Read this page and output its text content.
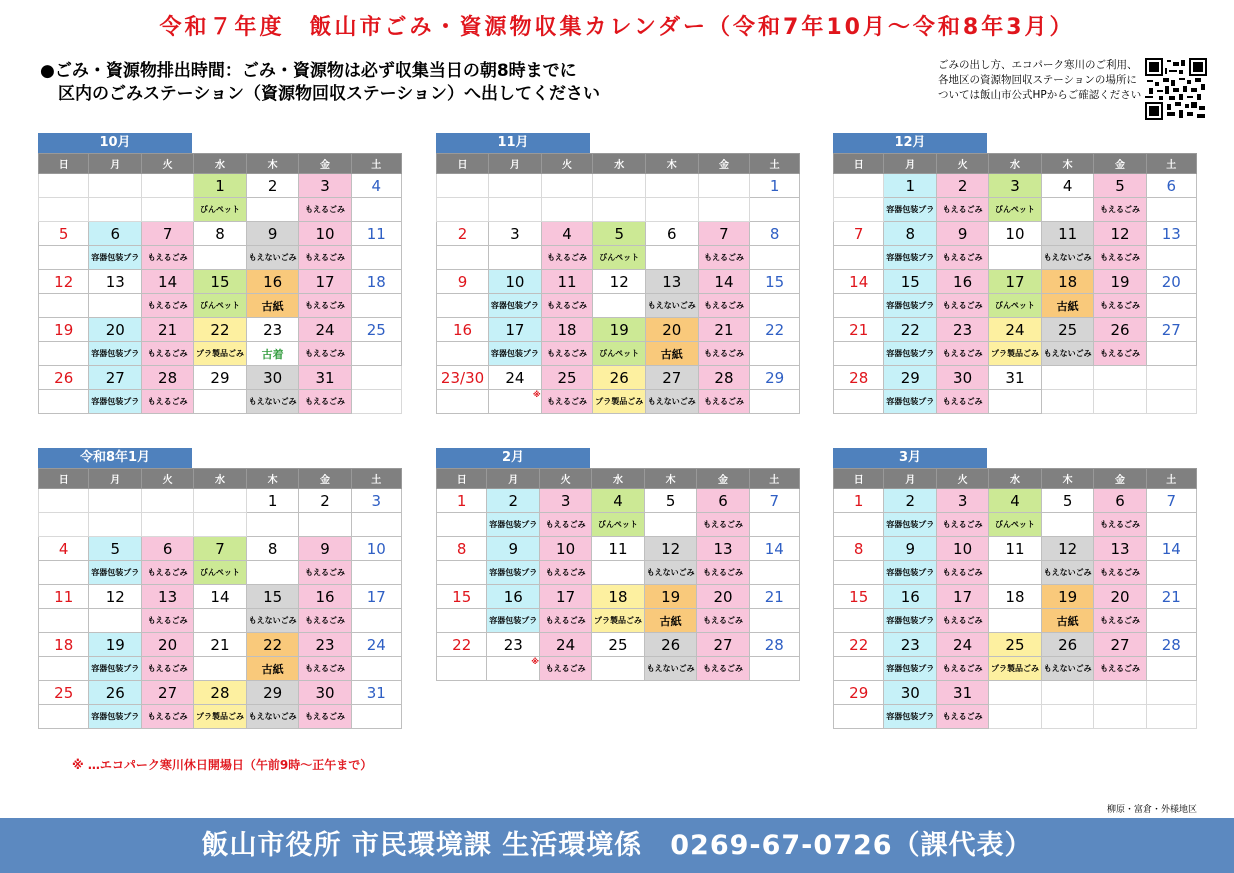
令和７年度　飯山市ごみ・資源物収集カレンダー（令和7年10月～令和8年3月）
●ごみ・資源物排出時間：ごみ・資源物は必ず収集当日の朝8時までに
区内のごみステーション（資源物回収ステーション）へ出してください
ごみの出し方、エコパーク寒川のご利用、各地区の資源物回収ステーションの場所については飯山市公式HPからご確認ください
10月
日	月	火	水	木	金	土
			1	2	3	4
			びんペット		もえるごみ	
5	6	7	8	9	10	11
	容器包装プラ	もえるごみ		もえないごみ	もえるごみ	
12	13	14	15	16	17	18
		もえるごみ	びんペット	古紙	もえるごみ	
19	20	21	22	23	24	25
	容器包装プラ	もえるごみ	プラ製品ごみ	古着	もえるごみ	
26	27	28	29	30	31	
	容器包装プラ	もえるごみ		もえないごみ	もえるごみ	
11月
日	月	火	水	木	金	土
						1

2	3	4	5	6	7	8
		もえるごみ	びんペット		もえるごみ	
9	10	11	12	13	14	15
	容器包装プラ	もえるごみ		もえないごみ	もえるごみ	
16	17	18	19	20	21	22
	容器包装プラ	もえるごみ	びんペット	古紙	もえるごみ	
23/30	24	25	26	27	28	29
	※	もえるごみ	プラ製品ごみ	もえないごみ	もえるごみ	
12月
日	月	火	水	木	金	土
	1	2	3	4	5	6
	容器包装プラ	もえるごみ	びんペット		もえるごみ	
7	8	9	10	11	12	13
	容器包装プラ	もえるごみ		もえないごみ	もえるごみ	
14	15	16	17	18	19	20
	容器包装プラ	もえるごみ	びんペット	古紙	もえるごみ	
21	22	23	24	25	26	27
	容器包装プラ	もえるごみ	プラ製品ごみ	もえないごみ	もえるごみ	
28	29	30	31			
	容器包装プラ	もえるごみ				
令和8年1月
日	月	火	水	木	金	土
				1	2	3

4	5	6	7	8	9	10
	容器包装プラ	もえるごみ	びんペット		もえるごみ	
11	12	13	14	15	16	17
		もえるごみ		もえないごみ	もえるごみ	
18	19	20	21	22	23	24
	容器包装プラ	もえるごみ		古紙	もえるごみ	
25	26	27	28	29	30	31
	容器包装プラ	もえるごみ	プラ製品ごみ	もえないごみ	もえるごみ	
2月
日	月	火	水	木	金	土
1	2	3	4	5	6	7
	容器包装プラ	もえるごみ	びんペット		もえるごみ	
8	9	10	11	12	13	14
	容器包装プラ	もえるごみ		もえないごみ	もえるごみ	
15	16	17	18	19	20	21
	容器包装プラ	もえるごみ	プラ製品ごみ	古紙	もえるごみ	
22	23	24	25	26	27	28
	※	もえるごみ		もえないごみ	もえるごみ	
3月
日	月	火	水	木	金	土
1	2	3	4	5	6	7
	容器包装プラ	もえるごみ	びんペット		もえるごみ	
8	9	10	11	12	13	14
	容器包装プラ	もえるごみ		もえないごみ	もえるごみ	
15	16	17	18	19	20	21
	容器包装プラ	もえるごみ		古紙	もえるごみ	
22	23	24	25	26	27	28
	容器包装プラ	もえるごみ	プラ製品ごみ	もえないごみ	もえるごみ	
29	30	31				
	容器包装プラ	もえるごみ				
※ …エコパーク寒川休日開場日（午前9時～正午まで）
柳原・富倉・外様地区
飯山市役所 市民環境課 生活環境係　0269-67-0726（課代表）
